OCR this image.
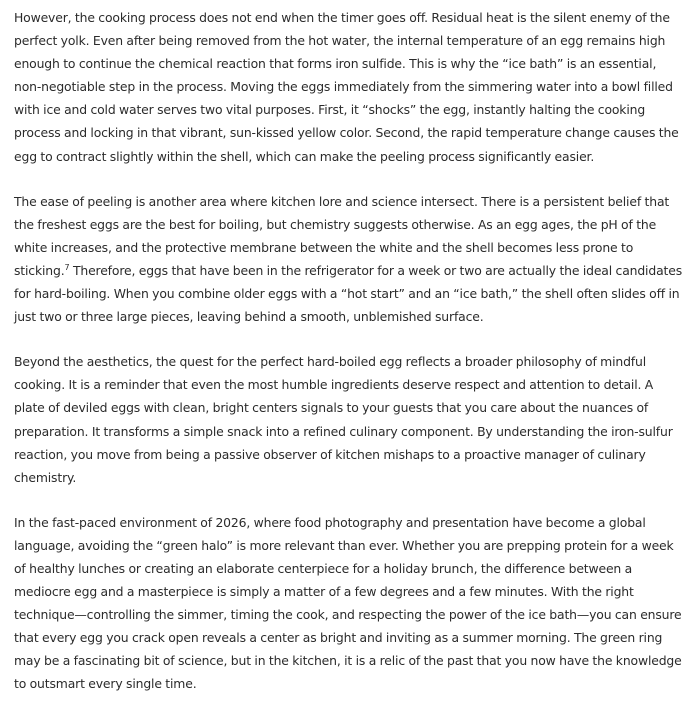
However, the cooking process does not end when the timer goes off. Residual heat is the silent enemy of the perfect yolk. Even after being removed from the hot water, the internal temperature of an egg remains high enough to continue the chemical reaction that forms iron sulfide. This is why the “ice bath” is an essential, non-negotiable step in the process. Moving the eggs immediately from the simmering water into a bowl filled with ice and cold water serves two vital purposes. First, it “shocks” the egg, instantly halting the cooking process and locking in that vibrant, sun-kissed yellow color. Second, the rapid temperature change causes the egg to contract slightly within the shell, which can make the peeling process significantly easier.

The ease of peeling is another area where kitchen lore and science intersect. There is a persistent belief that the freshest eggs are the best for boiling, but chemistry suggests otherwise. As an egg ages, the pH of the white increases, and the protective membrane between the white and the shell becomes less prone to sticking.$^7$ Therefore, eggs that have been in the refrigerator for a week or two are actually the ideal candidates for hard-boiling. When you combine older eggs with a “hot start” and an “ice bath,” the shell often slides off in just two or three large pieces, leaving behind a smooth, unblemished surface.

Beyond the aesthetics, the quest for the perfect hard-boiled egg reflects a broader philosophy of mindful cooking. It is a reminder that even the most humble ingredients deserve respect and attention to detail. A plate of deviled eggs with clean, bright centers signals to your guests that you care about the nuances of preparation. It transforms a simple snack into a refined culinary component. By understanding the iron-sulfur reaction, you move from being a passive observer of kitchen mishaps to a proactive manager of culinary chemistry.

In the fast-paced environment of 2026, where food photography and presentation have become a global language, avoiding the “green halo” is more relevant than ever. Whether you are prepping protein for a week of healthy lunches or creating an elaborate centerpiece for a holiday brunch, the difference between a mediocre egg and a masterpiece is simply a matter of a few degrees and a few minutes. With the right technique—controlling the simmer, timing the cook, and respecting the power of the ice bath—you can ensure that every egg you crack open reveals a center as bright and inviting as a summer morning. The green ring may be a fascinating bit of science, but in the kitchen, it is a relic of the past that you now have the knowledge to outsmart every single time.
